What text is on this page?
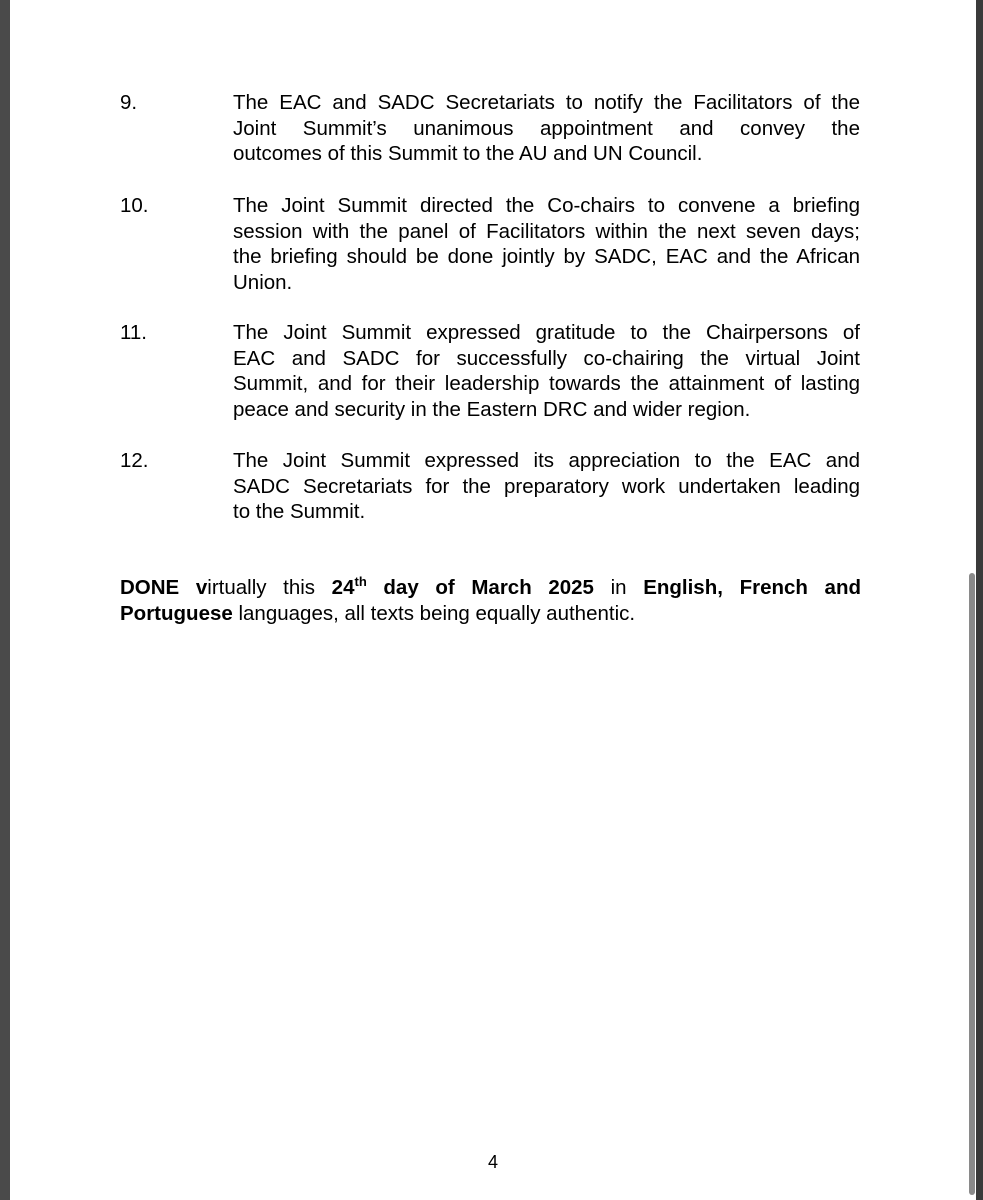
9.	The EAC and SADC Secretariats to notify the Facilitators of the
Joint Summit’s unanimous appointment and convey the
outcomes of this Summit to the AU and UN Council.
10.	The Joint Summit directed the Co-chairs to convene a briefing
session with the panel of Facilitators within the next seven days;
the briefing should be done jointly by SADC, EAC and the African
Union.
11.	The Joint Summit expressed gratitude to the Chairpersons of
EAC and SADC for successfully co-chairing the virtual Joint
Summit, and for their leadership towards the attainment of lasting
peace and security in the Eastern DRC and wider region.
12.	The Joint Summit expressed its appreciation to the EAC and
SADC Secretariats for the preparatory work undertaken leading
to the Summit.
DONE virtually this 24th day of March 2025 in English, French and
Portuguese languages, all texts being equally authentic.
4
